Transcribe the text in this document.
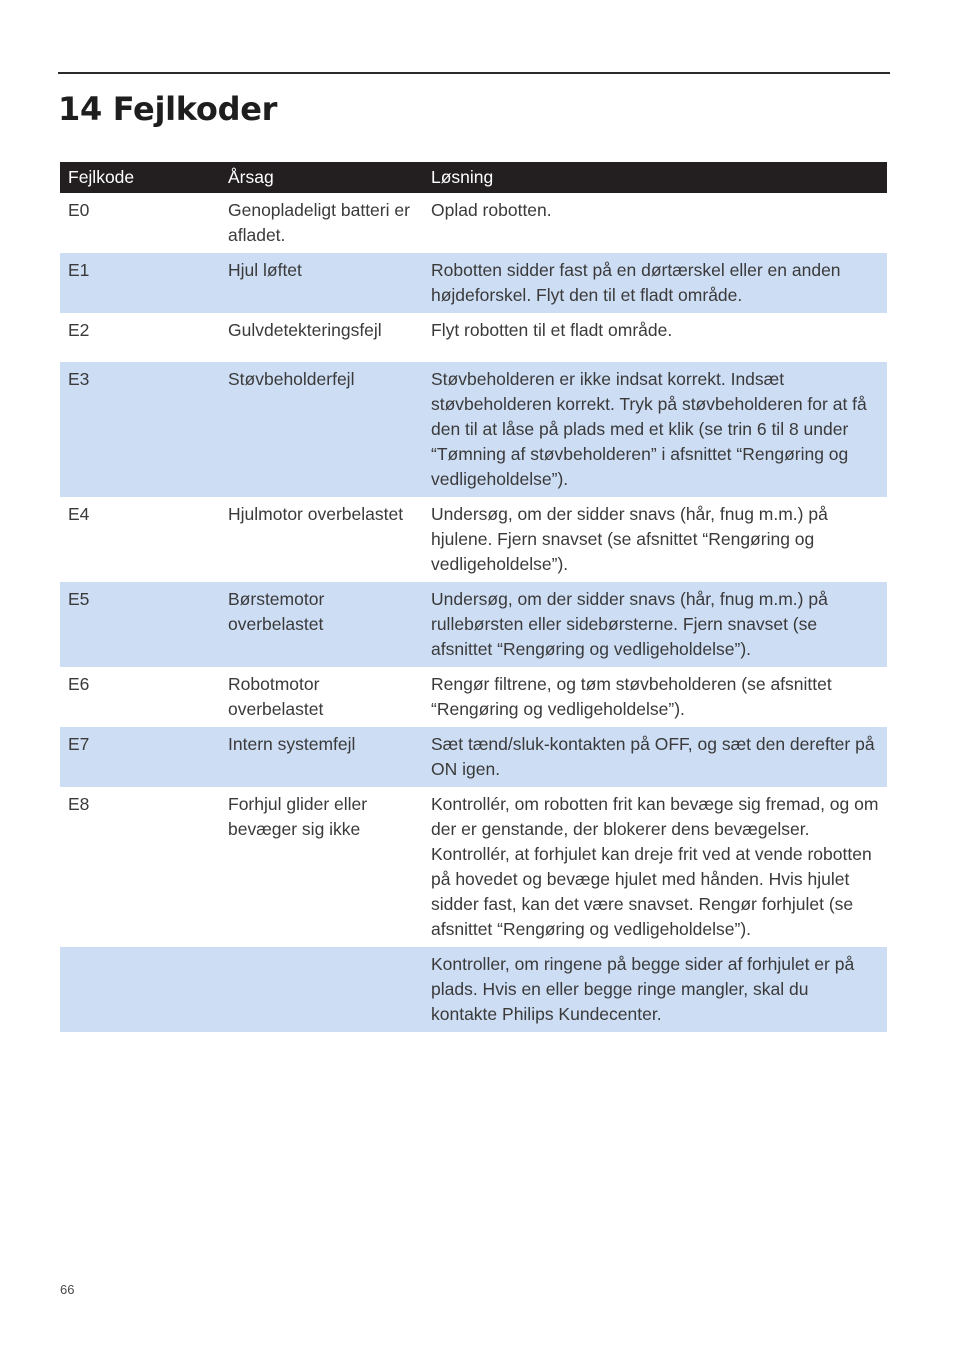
14 Fejlkoder
Fejlkode	Årsag	Løsning
E0	Genopladeligt batteri er afladet.	Oplad robotten.
E1	Hjul løftet	Robotten sidder fast på en dørtærskel eller en anden højdeforskel. Flyt den til et fladt område.
E2	Gulvdetekteringsfejl	Flyt robotten til et fladt område.
E3	Støvbeholderfejl	Støvbeholderen er ikke indsat korrekt. Indsæt støvbeholderen korrekt. Tryk på støvbeholderen for at få den til at låse på plads med et klik (se trin 6 til 8 under “Tømning af støvbeholderen” i afsnittet “Rengøring og vedligeholdelse”).
E4	Hjulmotor overbelastet	Undersøg, om der sidder snavs (hår, fnug m.m.) på hjulene. Fjern snavset (se afsnittet “Rengøring og vedligeholdelse”).
E5	Børstemotor overbelastet	Undersøg, om der sidder snavs (hår, fnug m.m.) på rullebørsten eller sidebørsterne. Fjern snavset (se afsnittet “Rengøring og vedligeholdelse”).
E6	Robotmotor overbelastet	Rengør filtrene, og tøm støvbeholderen (se afsnittet “Rengøring og vedligeholdelse”).
E7	Intern systemfejl	Sæt tænd/sluk-kontakten på OFF, og sæt den derefter på ON igen.
E8	Forhjul glider eller bevæger sig ikke	Kontrollér, om robotten frit kan bevæge sig fremad, og om der er genstande, der blokerer dens bevægelser. Kontrollér, at forhjulet kan dreje frit ved at vende robotten på hovedet og bevæge hjulet med hånden. Hvis hjulet sidder fast, kan det være snavset. Rengør forhjulet (se afsnittet “Rengøring og vedligeholdelse”).
		Kontroller, om ringene på begge sider af forhjulet er på plads. Hvis en eller begge ringe mangler, skal du kontakte Philips Kundecenter.
66
